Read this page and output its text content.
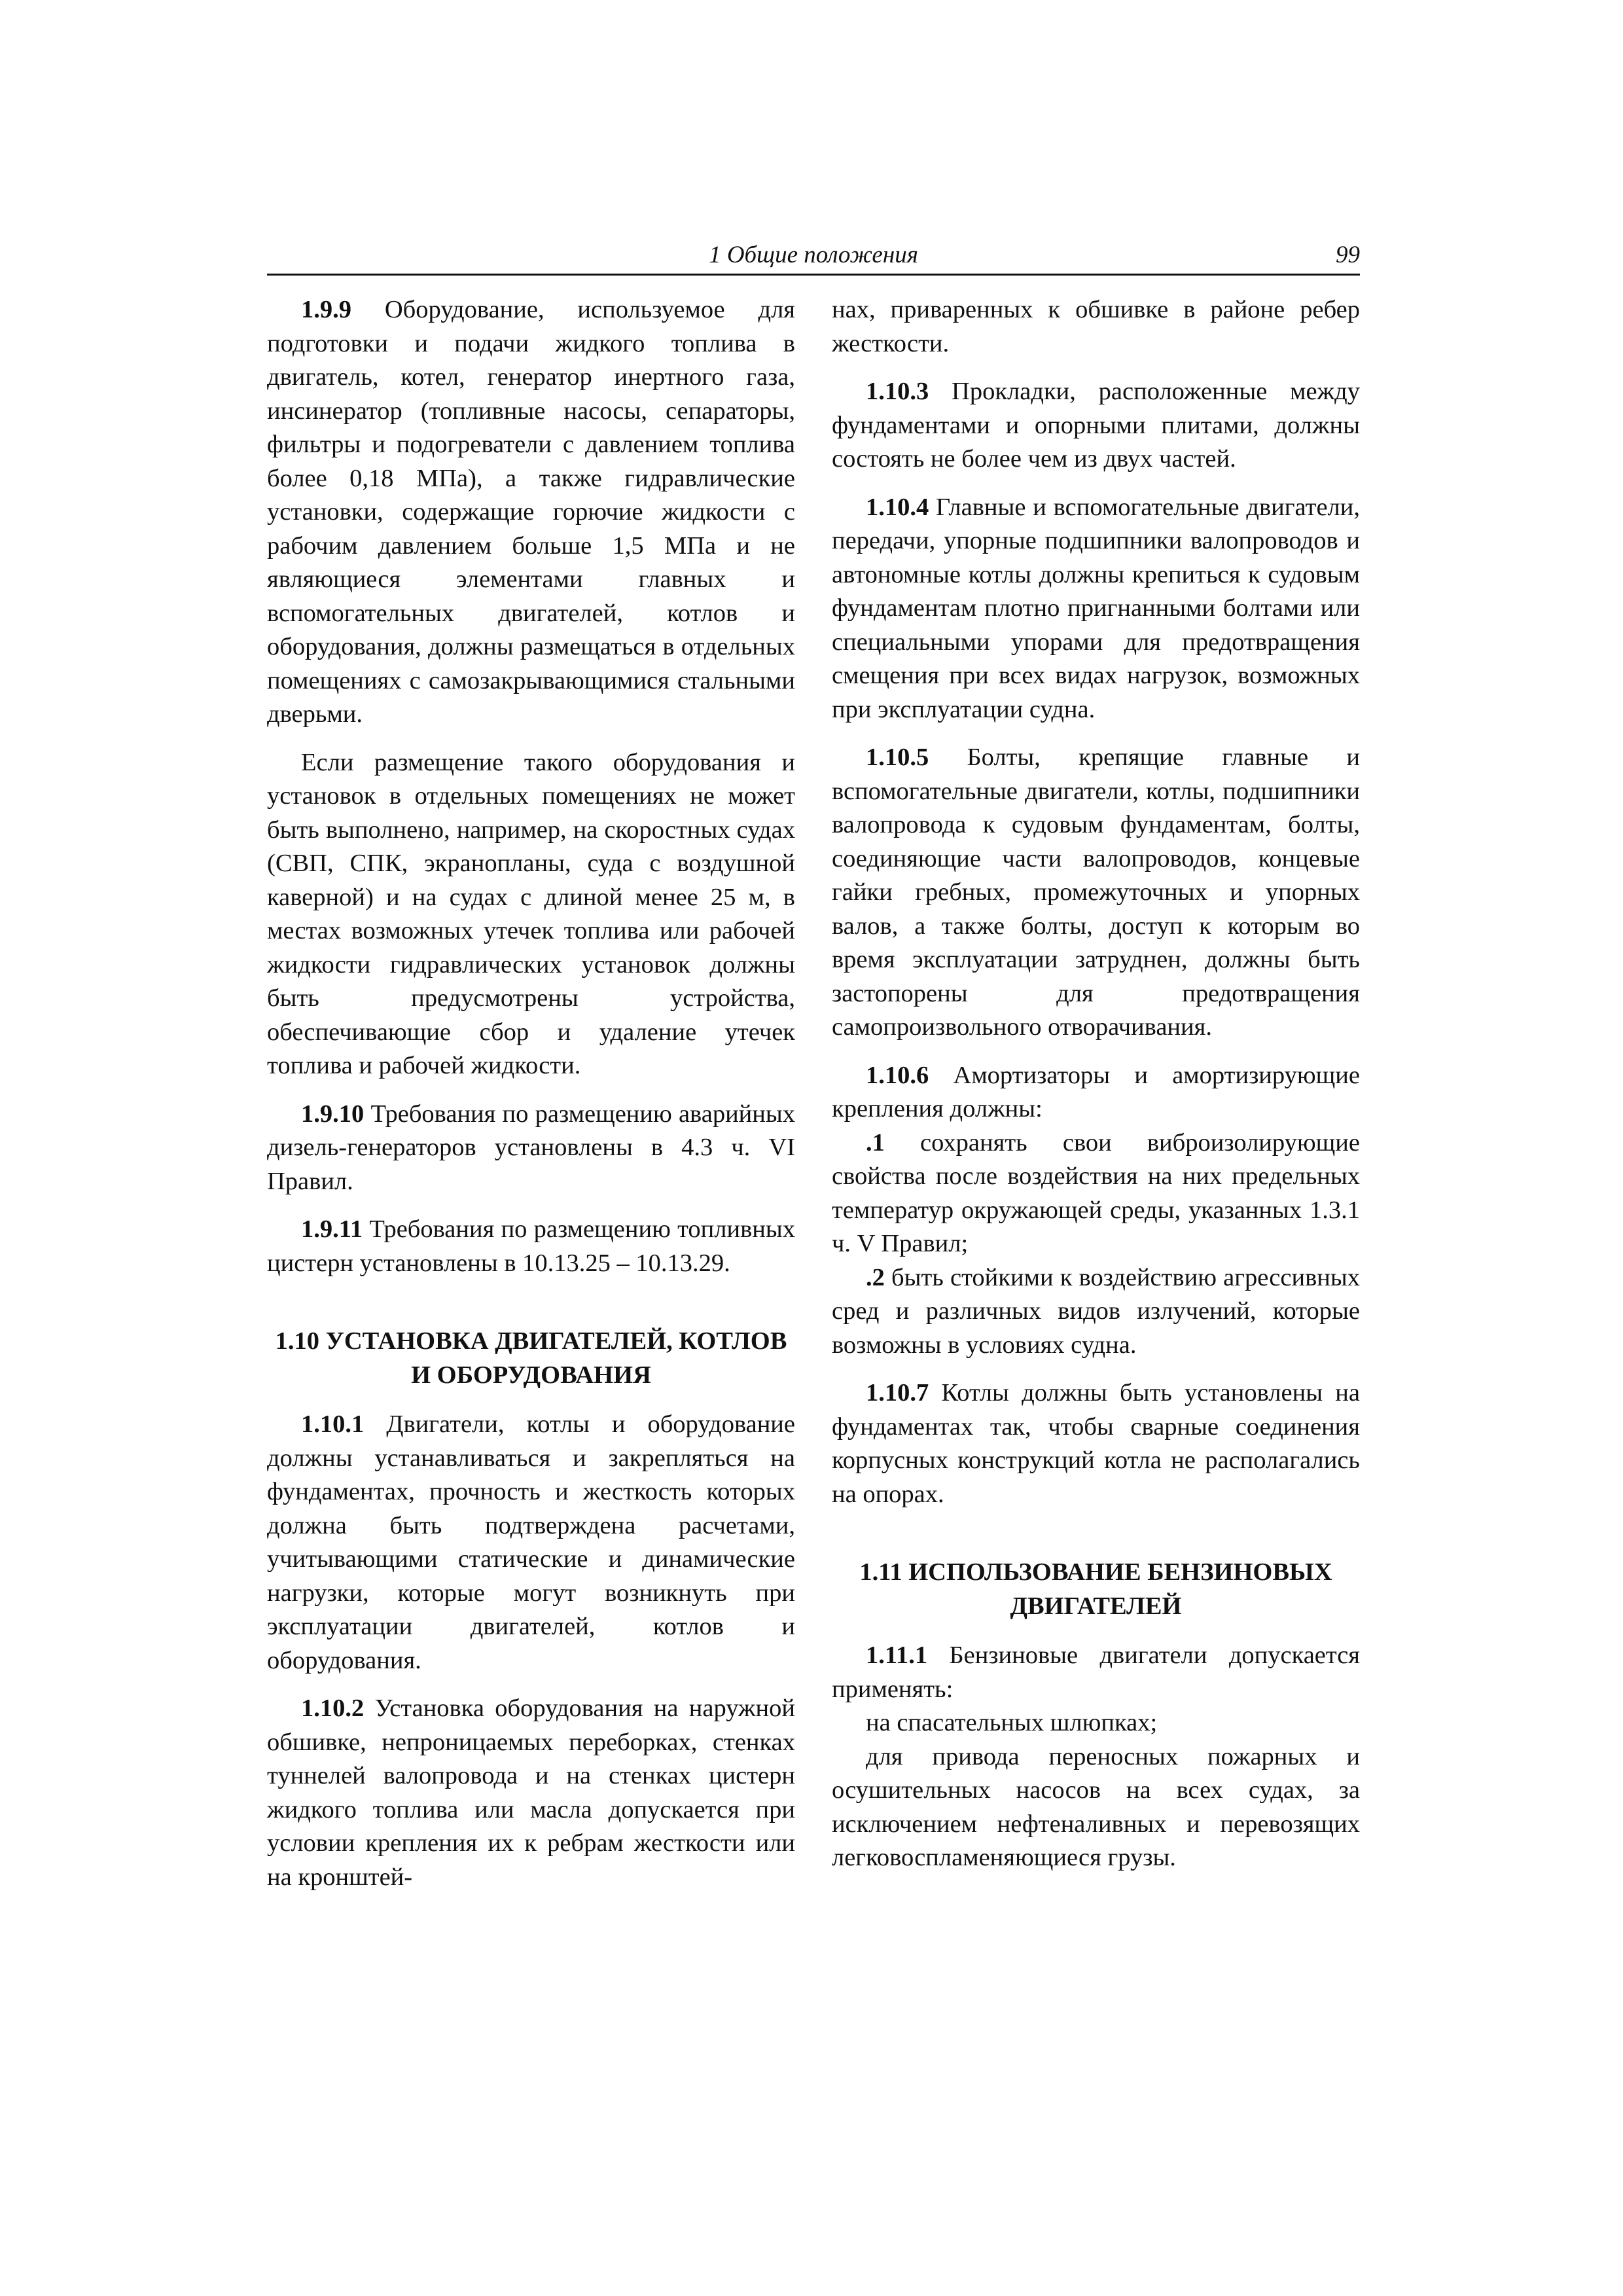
1 Общие положения	99

1.9.9 Оборудование, используемое для подготовки и подачи жидкого топлива в двигатель, котел, генератор инертного газа, инсинератор (топливные насосы, сепараторы, фильтры и подогреватели с давлением топлива более 0,18 МПа), а также гидравлические установки, содержащие горючие жидкости с рабочим давлением больше 1,5 МПа и не являющиеся элементами главных и вспомогательных двигателей, котлов и оборудования, должны размещаться в отдельных помещениях с самозакрывающимися стальными дверьми.

Если размещение такого оборудования и установок в отдельных помещениях не может быть выполнено, например, на скоростных судах (СВП, СПК, экранопланы, суда с воздушной каверной) и на судах с длиной менее 25 м, в местах возможных утечек топлива или рабочей жидкости гидравлических установок должны быть предусмотрены устройства, обеспечивающие сбор и удаление утечек топлива и рабочей жидкости.

1.9.10 Требования по размещению аварийных дизель-генераторов установлены в 4.3 ч. VI Правил.

1.9.11 Требования по размещению топливных цистерн установлены в 10.13.25 – 10.13.29.

1.10 УСТАНОВКА ДВИГАТЕЛЕЙ, КОТЛОВ И ОБОРУДОВАНИЯ

1.10.1 Двигатели, котлы и оборудование должны устанавливаться и закрепляться на фундаментах, прочность и жесткость которых должна быть подтверждена расчетами, учитывающими статические и динамические нагрузки, которые могут возникнуть при эксплуатации двигателей, котлов и оборудования.

1.10.2 Установка оборудования на наружной обшивке, непроницаемых переборках, стенках туннелей валопровода и на стенках цистерн жидкого топлива или масла допускается при условии крепления их к ребрам жесткости или на кронштей-

нах, приваренных к обшивке в районе ребер жесткости.

1.10.3 Прокладки, расположенные между фундаментами и опорными плитами, должны состоять не более чем из двух частей.

1.10.4 Главные и вспомогательные двигатели, передачи, упорные подшипники валопроводов и автономные котлы должны крепиться к судовым фундаментам плотно пригнанными болтами или специальными упорами для предотвращения смещения при всех видах нагрузок, возможных при эксплуатации судна.

1.10.5 Болты, крепящие главные и вспомогательные двигатели, котлы, подшипники валопровода к судовым фундаментам, болты, соединяющие части валопроводов, концевые гайки гребных, промежуточных и упорных валов, а также болты, доступ к которым во время эксплуатации затруднен, должны быть застопорены для предотвращения самопроизвольного отворачивания.

1.10.6 Амортизаторы и амортизирующие крепления должны:

.1 сохранять свои виброизолирующие свойства после воздействия на них предельных температур окружающей среды, указанных 1.3.1 ч. V Правил;

.2 быть стойкими к воздействию агрессивных сред и различных видов излучений, которые возможны в условиях судна.

1.10.7 Котлы должны быть установлены на фундаментах так, чтобы сварные соединения корпусных конструкций котла не располагались на опорах.

1.11 ИСПОЛЬЗОВАНИЕ БЕНЗИНОВЫХ ДВИГАТЕЛЕЙ

1.11.1 Бензиновые двигатели допускается применять:

на спасательных шлюпках;

для привода переносных пожарных и осушительных насосов на всех судах, за исключением нефтеналивных и перевозящих легковоспламеняющиеся грузы.
